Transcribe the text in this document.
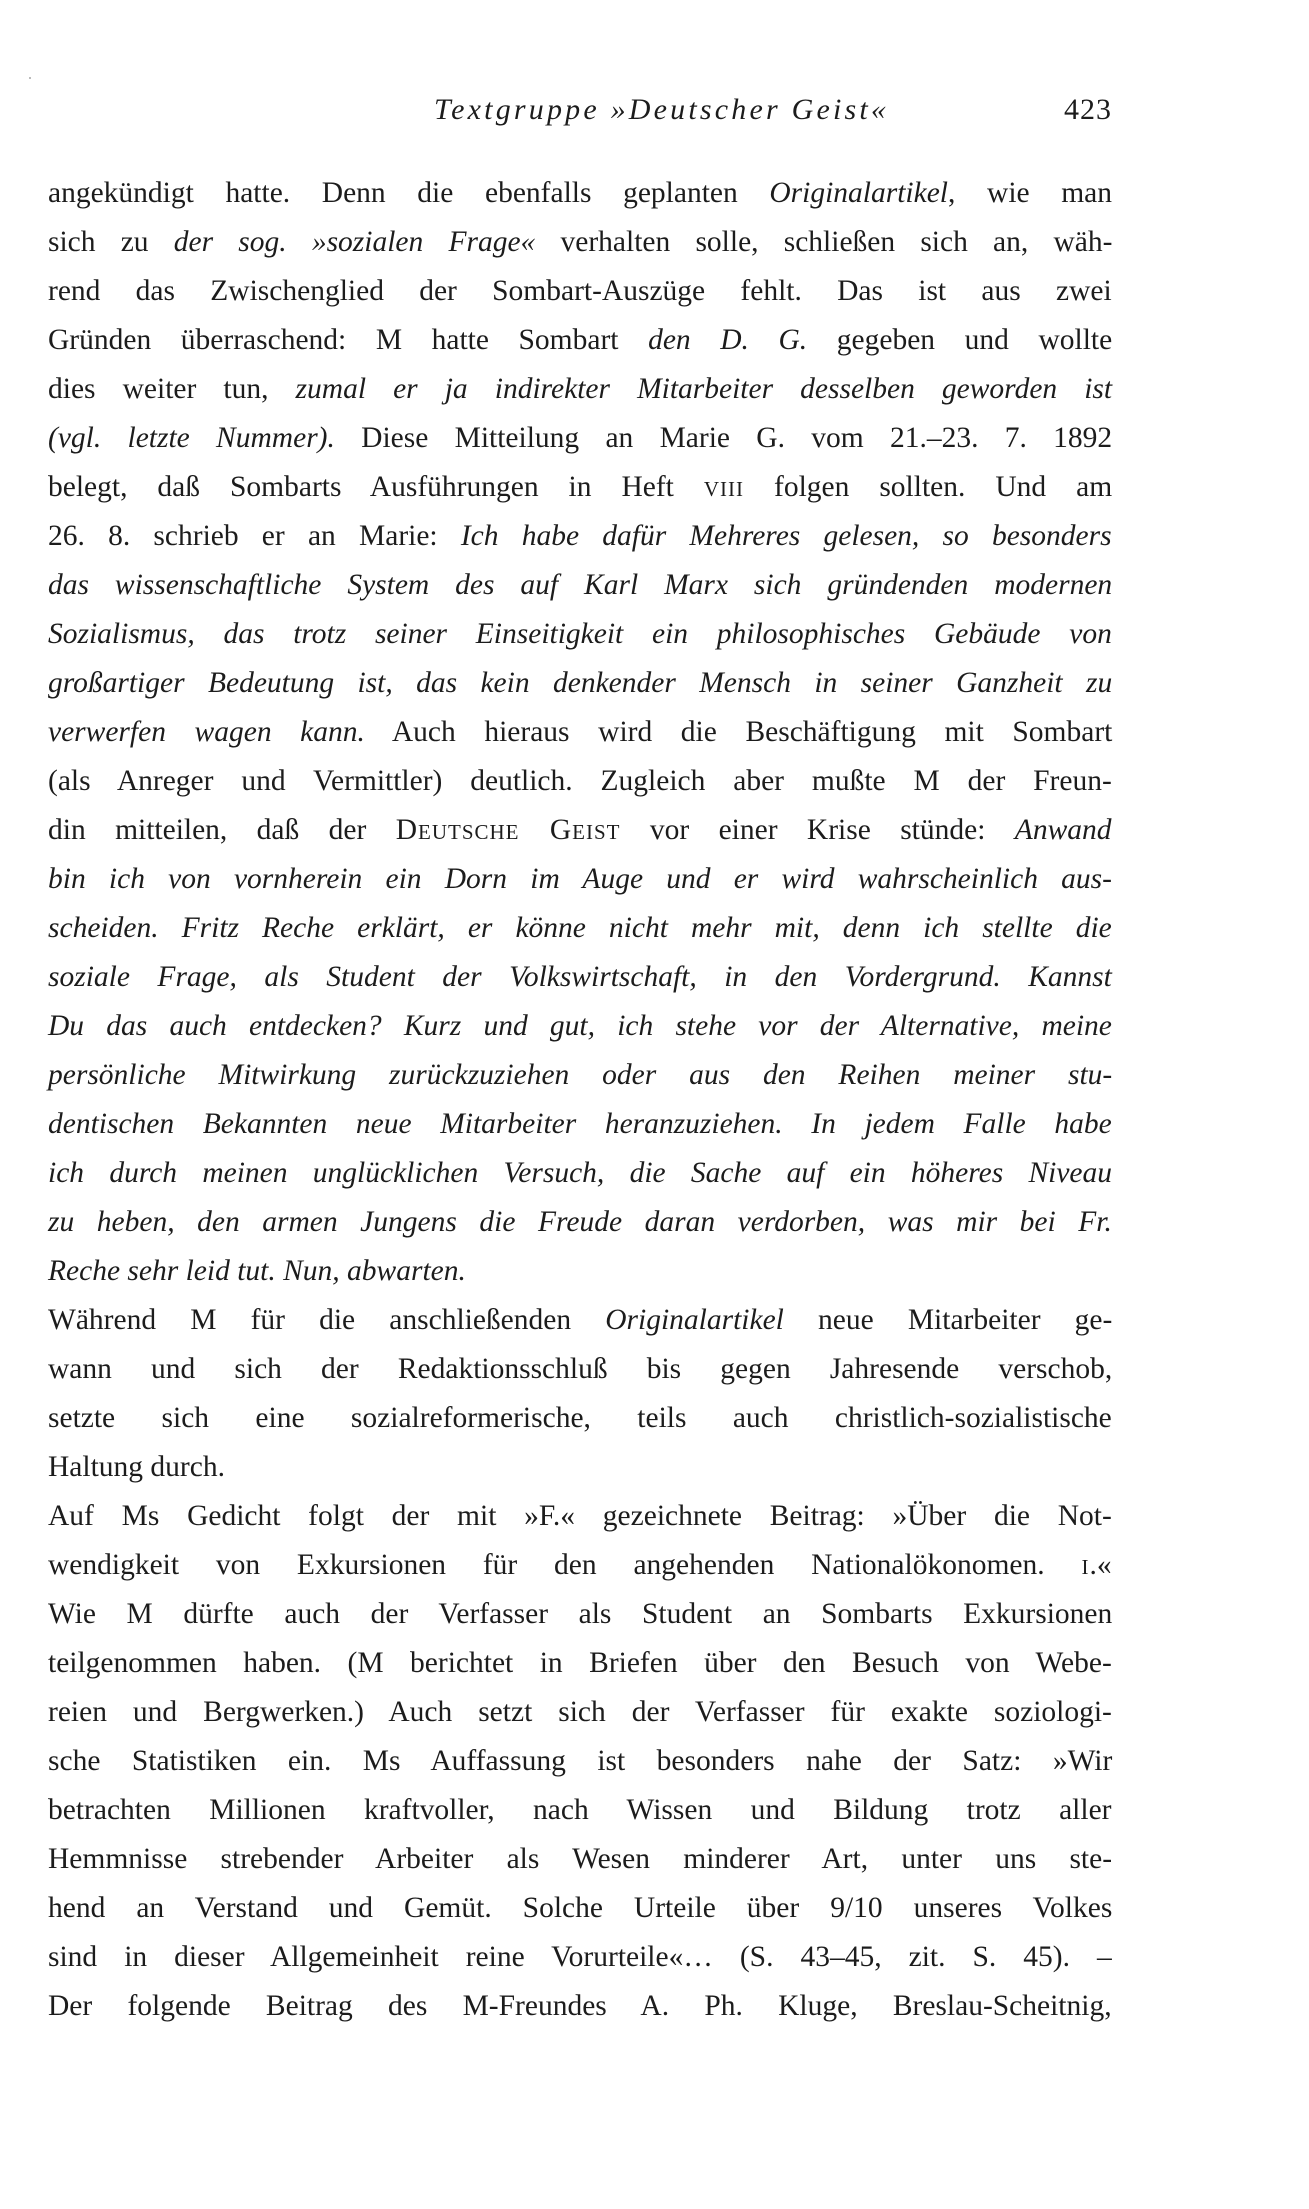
Textgruppe »Deutscher Geist«	423
angekündigt hatte. Denn die ebenfalls geplanten Originalartikel, wie man
sich zu der sog. »sozialen Frage« verhalten solle, schließen sich an, wäh-
rend das Zwischenglied der Sombart-Auszüge fehlt. Das ist aus zwei
Gründen überraschend: M hatte Sombart den D. G. gegeben und wollte
dies weiter tun, zumal er ja indirekter Mitarbeiter desselben geworden ist
(vgl. letzte Nummer). Diese Mitteilung an Marie G. vom 21.–23. 7. 1892
belegt, daß Sombarts Ausführungen in Heft viii folgen sollten. Und am
26. 8. schrieb er an Marie: Ich habe dafür Mehreres gelesen, so besonders
das wissenschaftliche System des auf Karl Marx sich gründenden modernen
Sozialismus, das trotz seiner Einseitigkeit ein philosophisches Gebäude von
großartiger Bedeutung ist, das kein denkender Mensch in seiner Ganzheit zu
verwerfen wagen kann. Auch hieraus wird die Beschäftigung mit Sombart
(als Anreger und Vermittler) deutlich. Zugleich aber mußte M der Freun-
din mitteilen, daß der Deutsche Geist vor einer Krise stünde: Anwand
bin ich von vornherein ein Dorn im Auge und er wird wahrscheinlich aus-
scheiden. Fritz Reche erklärt, er könne nicht mehr mit, denn ich stellte die
soziale Frage, als Student der Volkswirtschaft, in den Vordergrund. Kannst
Du das auch entdecken? Kurz und gut, ich stehe vor der Alternative, meine
persönliche Mitwirkung zurückzuziehen oder aus den Reihen meiner stu-
dentischen Bekannten neue Mitarbeiter heranzuziehen. In jedem Falle habe
ich durch meinen unglücklichen Versuch, die Sache auf ein höheres Niveau
zu heben, den armen Jungens die Freude daran verdorben, was mir bei Fr.
Reche sehr leid tut. Nun, abwarten.
Während M für die anschließenden Originalartikel neue Mitarbeiter ge-
wann und sich der Redaktionsschluß bis gegen Jahresende verschob,
setzte sich eine sozialreformerische, teils auch christlich-sozialistische
Haltung durch.
Auf Ms Gedicht folgt der mit »F.« gezeichnete Beitrag: »Über die Not-
wendigkeit von Exkursionen für den angehenden Nationalökonomen. i.«
Wie M dürfte auch der Verfasser als Student an Sombarts Exkursionen
teilgenommen haben. (M berichtet in Briefen über den Besuch von Webe-
reien und Bergwerken.) Auch setzt sich der Verfasser für exakte soziologi-
sche Statistiken ein. Ms Auffassung ist besonders nahe der Satz: »Wir
betrachten Millionen kraftvoller, nach Wissen und Bildung trotz aller
Hemmnisse strebender Arbeiter als Wesen minderer Art, unter uns ste-
hend an Verstand und Gemüt. Solche Urteile über 9/10 unseres Volkes
sind in dieser Allgemeinheit reine Vorurteile«… (S. 43–45, zit. S. 45). –
Der folgende Beitrag des M-Freundes A. Ph. Kluge, Breslau-Scheitnig,
